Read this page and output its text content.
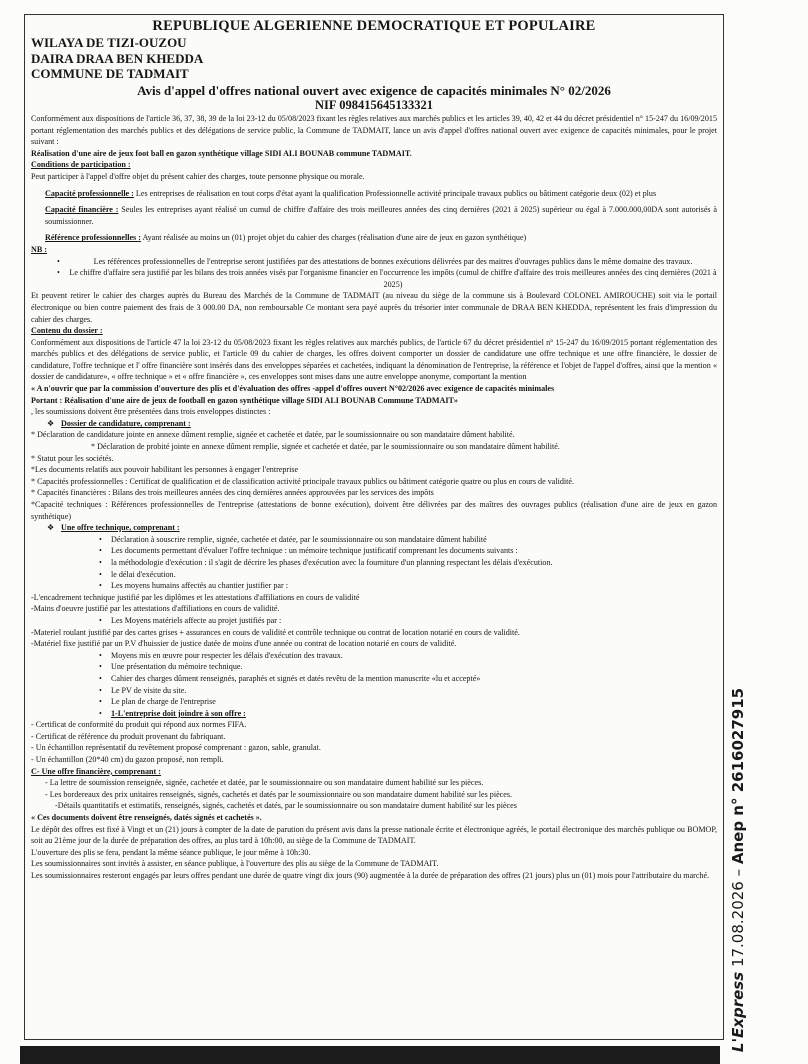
REPUBLIQUE ALGERIENNE DEMOCRATIQUE ET POPULAIRE
WILAYA DE TIZI-OUZOU
DAIRA DRAA BEN KHEDDA
COMMUNE DE TADMAIT
Avis d'appel d'offres national ouvert avec exigence de capacités minimales N° 02/2026
NIF 098415645133321

Conformément aux dispositions de l'article 36, 37, 38, 39 de la loi 23-12 du 05/08/2023 fixant les règles relatives aux marchés publics et les articles 39, 40, 42 et 44 du décret présidentiel n° 15-247 du 16/09/2015 portant réglementation des marchés publics et des délégations de service public, la Commune de TADMAIT, lance un avis d'appel d'offres national ouvert avec exigence de capacités minimales, pour le projet suivant :

Réalisation d'une aire de jeux foot ball en gazon synthétique village SIDI ALI BOUNAB commune TADMAIT.

Conditions de participation :

Peut participer à l'appel d'offre objet du présent cahier des charges, toute personne physique ou morale.

Capacité professionnelle : Les entreprises de réalisation en tout corps d'état ayant la qualification Professionnelle activité principale travaux publics ou bâtiment catégorie deux (02) et plus

Capacité financière : Seules les entreprises ayant réalisé un cumul de chiffre d'affaire des trois meilleures années des cinq dernières (2021 à 2025) supérieur ou égal à 7.000.000,00DA sont autorisés à soumissionner.

Référence professionnelles : Ayant réalisée au moins un (01) projet objet du cahier des charges (réalisation d'une aire de jeux en gazon synthétique)

NB :

• Les références professionnelles de l'entreprise seront justifiées par des attestations de bonnes exécutions délivrées par des maitres d'ouvrages publics dans le même domaine des travaux.

• Le chiffre d'affaire sera justifié par les bilans des trois années visés par l'organisme financier en l'occurrence les impôts (cumul de chiffre d'affaire des trois meilleures années des cinq dernières (2021 à 2025)

Et peuvent retirer le cahier des charges auprès du Bureau des Marchés de la Commune de TADMAIT (au niveau du siège de la commune sis à Boulevard COLONEL AMIROUCHE) soit via le portail électronique ou bien contre paiement des frais de 3 000.00 DA, non remboursable Ce montant sera payé auprès du trésorier inter communale de DRAA BEN KHEDDA, représentent les frais d'impression du cahier des charges.

Contenu du dossier :

Conformément aux dispositions de l'article 47 la loi 23-12 du 05/08/2023 fixant les règles relatives aux marchés publics, de l'article 67 du décret présidentiel n° 15-247 du 16/09/2015 portant réglementation des marchés publics et des délégations de service public, et l'article 09 du cahier de charges, les offres doivent comporter un dossier de candidature une offre technique et une offre financière, le dossier de candidature, l'offre technique et l' offre financière sont insérés dans des enveloppes séparées et cachetées, indiquant la dénomination de l'entreprise, la référence et l'objet de l'appel d'offres, ainsi que la mention « dossier de candidature», « offre technique » et « offre financière », ces enveloppes sont mises dans une autre enveloppe anonyme, comportant la mention

« A n'ouvrir que par la commission d'ouverture des plis et d'évaluation des offres -appel d'offres ouvert N°02/2026 avec exigence de capacités minimales

Portant : Réalisation d'une aire de jeux de football en gazon synthétique village SIDI ALI BOUNAB Commune TADMAIT»

, les soumissions doivent être présentées dans trois enveloppes distinctes :

❖ Dossier de candidature, comprenant :

* Déclaration de candidature jointe en annexe dûment remplie, signée et cachetée et datée, par le soumissionnaire ou son mandataire dûment habilité.

* Déclaration de probité jointe en annexe dûment remplie, signée et cachetée et datée, par le soumissionnaire ou son mandataire dûment habilité.

* Statut pour les sociétés.

*Les documents relatifs aux pouvoir habilitant les personnes à engager l'entreprise

* Capacités professionnelles : Certificat de qualification et de classification activité principale travaux publics ou bâtiment catégorie quatre ou plus en cours de validité.

* Capacités financières : Bilans des trois meilleures années des cinq dernières années approuvées par les services des impôts

*Capacité techniques : Références professionnelles de l'entreprise (attestations de bonne exécution), doivent être délivrées par des maîtres des ouvrages publics (réalisation d'une aire de jeux en gazon synthétique)

❖ Une offre technique, comprenant :

• Déclaration à souscrire remplie, signée, cachetée et datée, par le soumissionnaire ou son mandataire dûment habilité

• Les documents permettant d'évaluer l'offre technique : un mémoire technique justificatif comprenant les documents suivants :

• la méthodologie d'exécution : il s'agit de décrire les phases d'exécution avec la fourniture d'un planning respectant les délais d'exécution.

• le délai d'exécution.

• Les moyens humains affectés au chantier justifier par :

-L'encadrement technique justifié par les diplômes et les attestations d'affiliations en cours de validité

-Mains d'oeuvre justifié par les attestations d'affiliations en cours de validité.

• Les Moyens matériels affecte au projet justifiés par :

-Materiel roulant justifié par des cartes grises + assurances en cours de validité et contrôle technique ou contrat de location notarié en cours de validité.

-Matériel fixe justifié par un P.V d'huissier de justice datée de moins d'une année ou contrat de location notarié en cours de validité.

• Moyens mis en œuvre pour respecter les délais d'exécution des travaux.

• Une présentation du mémoire technique.

• Cahier des charges dûment renseignés, paraphés et signés et datés revêtu de la mention manuscrite «lu et accepté»

• Le PV de visite du site.

• Le plan de charge de l'entreprise

• 1-L'entreprise doit joindre à son offre :

- Certificat de conformité du produit qui répond aux normes FIFA.

- Certificat de référence du produit provenant du fabriquant.

- Un échantillon représentatif du revêtement proposé comprenant : gazon, sable, granulat.

- Un échantillon (20*40 cm) du gazon proposé, non rempli.

C- Une offre financière, comprenant :

- La lettre de soumission renseignée, signée, cachetée et datée, par le soumissionnaire ou son mandataire dument habilité sur les pièces.

- Les bordereaux des prix unitaires renseignés, signés, cachetés et datés par le soumissionnaire ou son mandataire dument habilité sur les pièces.

-Détails quantitatifs et estimatifs, renseignés, signés, cachetés et datés, par le soumissionnaire ou son mandataire dument habilité sur les pièces

« Ces documents doivent être renseignés, datés signés et cachetés ».

Le dépôt des offres est fixé à Vingt et un (21) jours à compter de la date de parution du présent avis dans la presse nationale écrite et électronique agréés, le portail électronique des marchés publique ou BOMOP, soit au 21ème jour de la durée de préparation des offres, au plus tard à 10h:00, au siège de la Commune de TADMAIT.

L'ouverture des plis se fera, pendant la même séance publique, le jour même à 10h:30.

Les soumissionnaires sont invités à assister, en séance publique, à l'ouverture des plis au siège de la Commune de TADMAIT.

Les soumissionnaires resteront engagés par leurs offres pendant une durée de quatre vingt dix jours (90) augmentée à la durée de préparation des offres (21 jours) plus un (01) mois pour l'attributaire du marché.

L'Express 17.08.2026 – Anep n° 2616027915
